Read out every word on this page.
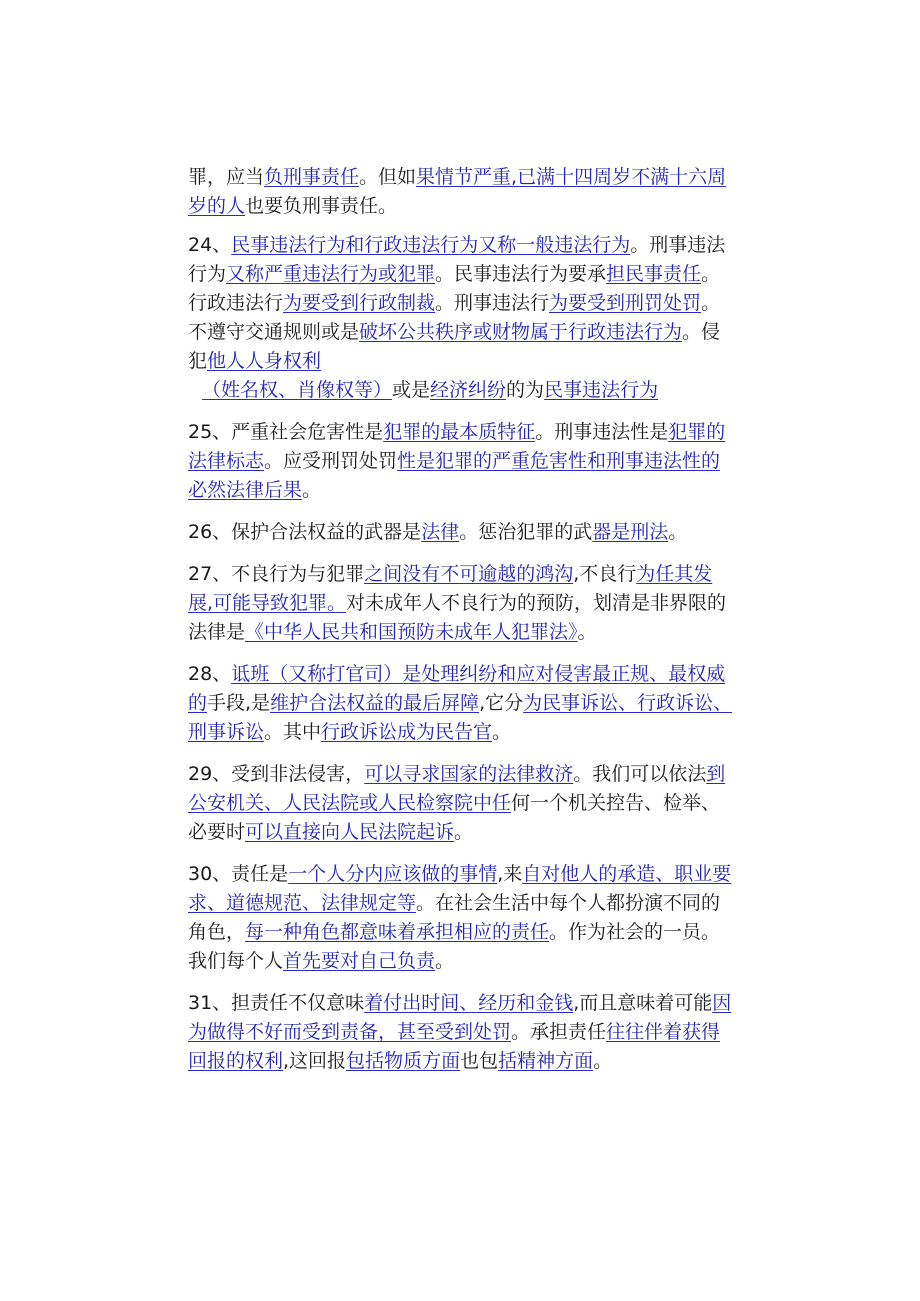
罪，应当负刑事责任。但如果情节严重,已满十四周岁不满十六周岁的人也要负刑事责任。

24、民事违法行为和行政违法行为又称一般违法行为。刑事违法行为又称严重违法行为或犯罪。民事违法行为要承担民事责任。行政违法行为要受到行政制裁。刑事违法行为要受到刑罚处罚。不遵守交通规则或是破坏公共秩序或财物属于行政违法行为。侵犯他人人身权利
（姓名权、肖像权等）或是经济纠纷的为民事违法行为

25、严重社会危害性是犯罪的最本质特征。刑事违法性是犯罪的法律标志。应受刑罚处罚性是犯罪的严重危害性和刑事违法性的必然法律后果。

26、保护合法权益的武器是法律。惩治犯罪的武器是刑法。

27、不良行为与犯罪之间没有不可逾越的鸿沟,不良行为任其发展,可能导致犯罪。对未成年人不良行为的预防，划清是非界限的法律是《中华人民共和国预防未成年人犯罪法》。

28、诋班（又称打官司）是处理纠纷和应对侵害最正规、最权威的手段,是维护合法权益的最后屏障,它分为民事诉讼、行政诉讼、刑事诉讼。其中行政诉讼成为民告官。

29、受到非法侵害，可以寻求国家的法律救济。我们可以依法到公安机关、人民法院或人民检察院中任何一个机关控告、检举、必要时可以直接向人民法院起诉。

30、责任是一个人分内应该做的事情,来自对他人的承造、职业要求、道德规范、法律规定等。在社会生活中每个人都扮演不同的角色，每一种角色都意味着承担相应的责任。作为社会的一员。我们每个人首先要对自己负责。

31、担责任不仅意味着付出时间、经历和金钱,而且意味着可能因为做得不好而受到责备，甚至受到处罚。承担责任往往伴着获得回报的权利,这回报包括物质方面也包括精神方面。
